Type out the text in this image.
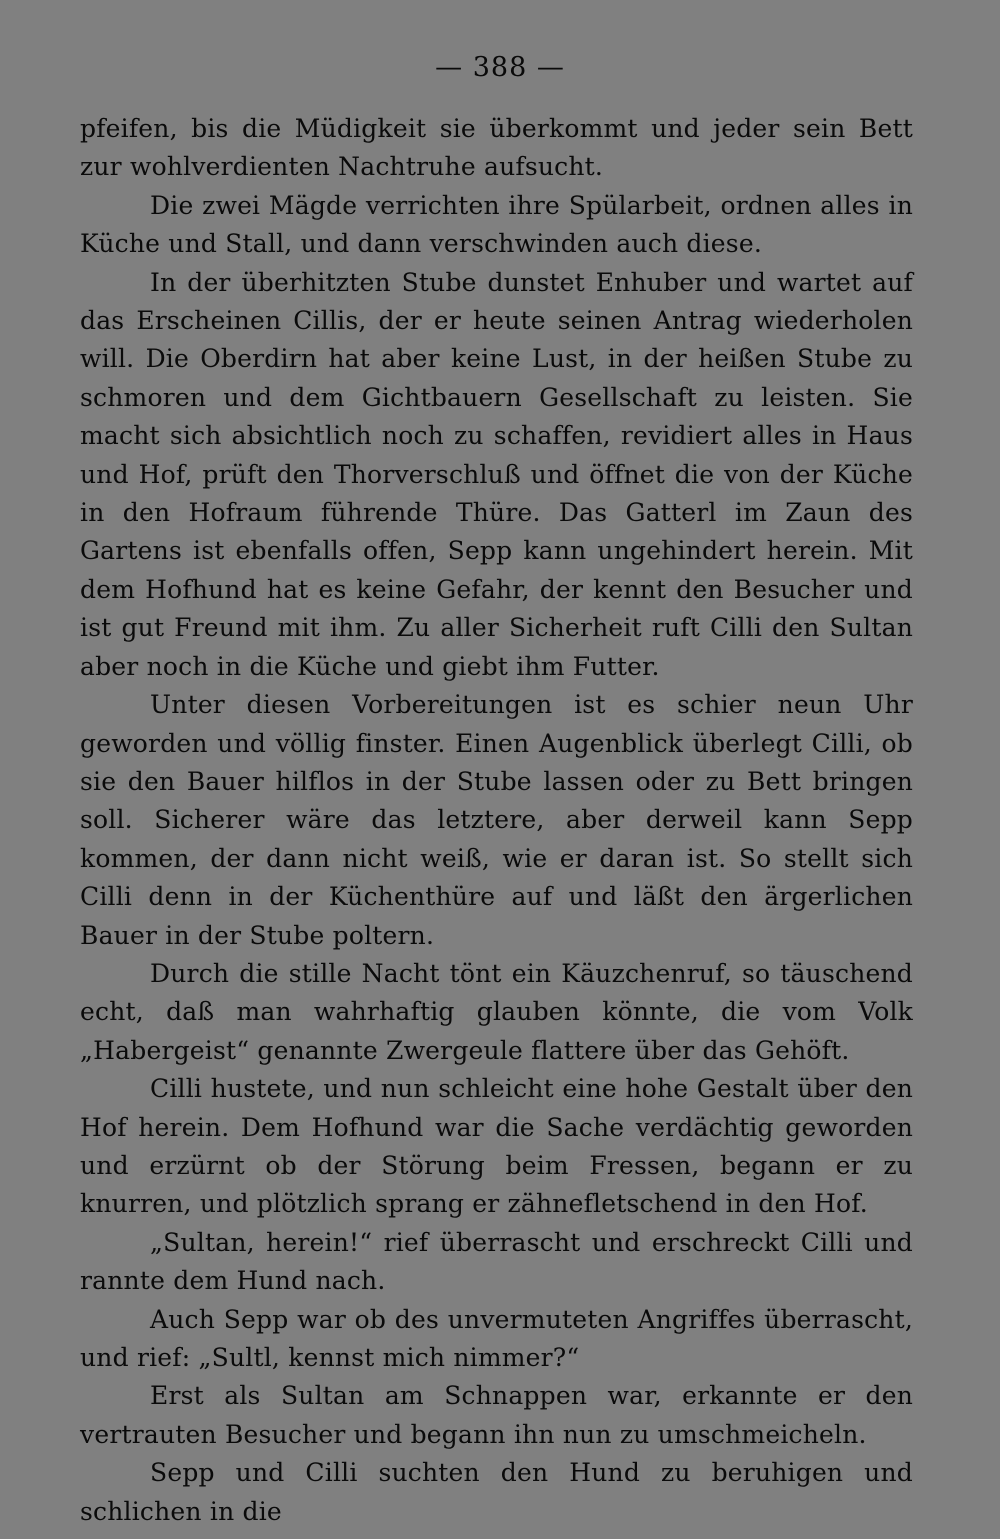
— 388 —

pfeifen, bis die Müdigkeit sie überkommt und jeder sein Bett zur wohlverdienten Nachtruhe aufsucht.

Die zwei Mägde verrichten ihre Spülarbeit, ordnen alles in Küche und Stall, und dann verschwinden auch diese.

In der überhitzten Stube dunstet Enhuber und wartet auf das Erscheinen Cillis, der er heute seinen Antrag wiederholen will. Die Oberdirn hat aber keine Lust, in der heißen Stube zu schmoren und dem Gichtbauern Gesellschaft zu leisten. Sie macht sich absichtlich noch zu schaffen, revidiert alles in Haus und Hof, prüft den Thorverschluß und öffnet die von der Küche in den Hofraum führende Thüre. Das Gatterl im Zaun des Gartens ist ebenfalls offen, Sepp kann ungehindert herein. Mit dem Hofhund hat es keine Gefahr, der kennt den Besucher und ist gut Freund mit ihm. Zu aller Sicherheit ruft Cilli den Sultan aber noch in die Küche und giebt ihm Futter.

Unter diesen Vorbereitungen ist es schier neun Uhr geworden und völlig finster. Einen Augenblick überlegt Cilli, ob sie den Bauer hilflos in der Stube lassen oder zu Bett bringen soll. Sicherer wäre das letztere, aber derweil kann Sepp kommen, der dann nicht weiß, wie er daran ist. So stellt sich Cilli denn in der Küchenthüre auf und läßt den ärgerlichen Bauer in der Stube poltern.

Durch die stille Nacht tönt ein Käuzchenruf, so täuschend echt, daß man wahrhaftig glauben könnte, die vom Volk „Habergeist“ genannte Zwergeule flattere über das Gehöft.

Cilli hustete, und nun schleicht eine hohe Gestalt über den Hof herein. Dem Hofhund war die Sache verdächtig geworden und erzürnt ob der Störung beim Fressen, begann er zu knurren, und plötzlich sprang er zähnefletschend in den Hof.

„Sultan, herein!“ rief überrascht und erschreckt Cilli und rannte dem Hund nach.

Auch Sepp war ob des unvermuteten Angriffes überrascht, und rief: „Sultl, kennst mich nimmer?“

Erst als Sultan am Schnappen war, erkannte er den vertrauten Besucher und begann ihn nun zu umschmeicheln.

Sepp und Cilli suchten den Hund zu beruhigen und schlichen in die
